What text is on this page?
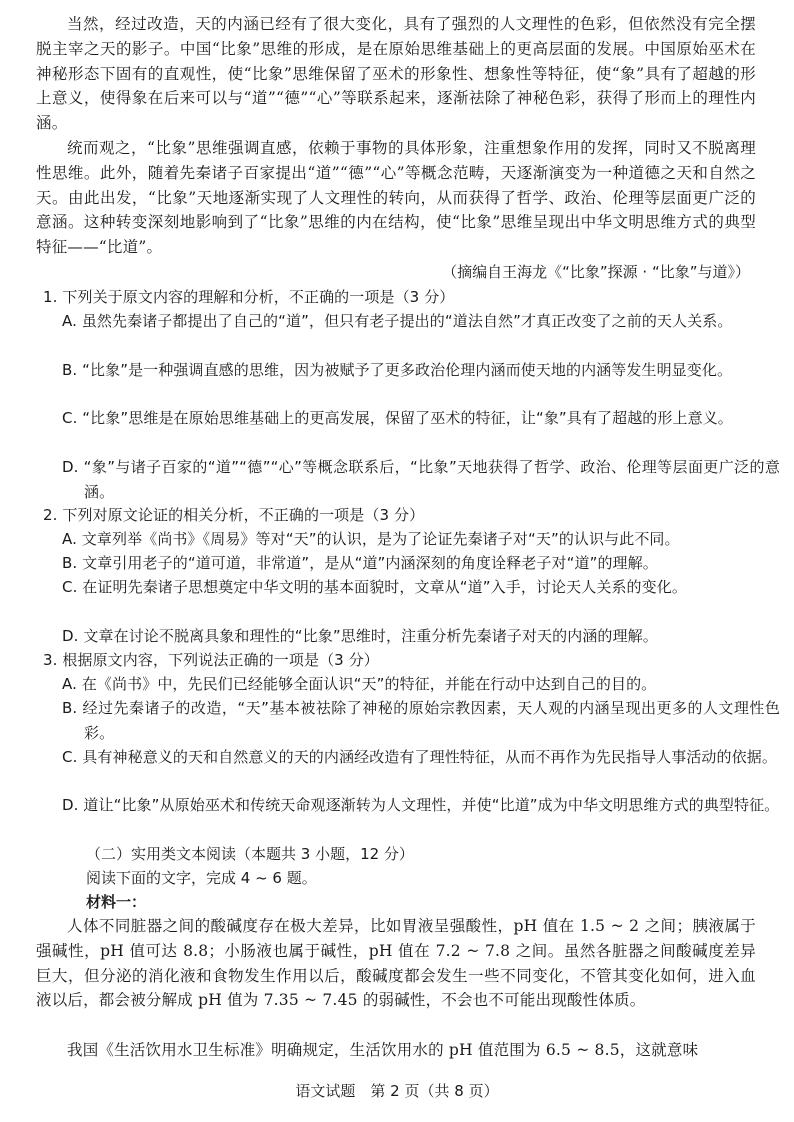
当然，经过改造，天的内涵已经有了很大变化，具有了强烈的人文理性的色彩，但依然没有完全摆脱主宰之天的影子。中国“比象”思维的形成，是在原始思维基础上的更高层面的发展。中国原始巫术在神秘形态下固有的直观性，使“比象”思维保留了巫术的形象性、想象性等特征，使“象”具有了超越的形上意义，使得象在后来可以与“道”“德”“心”等联系起来，逐渐祛除了神秘色彩，获得了形而上的理性内涵。

统而观之，“比象”思维强调直感，依赖于事物的具体形象，注重想象作用的发挥，同时又不脱离理性思维。此外，随着先秦诸子百家提出“道”“德”“心”等概念范畴，天逐渐演变为一种道德之天和自然之天。由此出发，“比象”天地逐渐实现了人文理性的转向，从而获得了哲学、政治、伦理等层面更广泛的意涵。这种转变深刻地影响到了“比象”思维的内在结构，使“比象”思维呈现出中华文明思维方式的典型特征——“比道”。

（摘编自王海龙《“比象”探源 · “比象”与道》）

1. 下列关于原文内容的理解和分析，不正确的一项是（3 分）

A. 虽然先秦诸子都提出了自己的“道”，但只有老子提出的“道法自然”才真正改变了之前的天人关系。

B. “比象”是一种强调直感的思维，因为被赋予了更多政治伦理内涵而使天地的内涵等发生明显变化。

C. “比象”思维是在原始思维基础上的更高发展，保留了巫术的特征，让“象”具有了超越的形上意义。

D. “象”与诸子百家的“道”“德”“心”等概念联系后，“比象”天地获得了哲学、政治、伦理等层面更广泛的意涵。

2. 下列对原文论证的相关分析，不正确的一项是（3 分）

A. 文章列举《尚书》《周易》等对“天”的认识，是为了论证先秦诸子对“天”的认识与此不同。

B. 文章引用老子的“道可道，非常道”，是从“道”内涵深刻的角度诠释老子对“道”的理解。

C. 在证明先秦诸子思想奠定中华文明的基本面貌时，文章从“道”入手，讨论天人关系的变化。

D. 文章在讨论不脱离具象和理性的“比象”思维时，注重分析先秦诸子对天的内涵的理解。

3. 根据原文内容，下列说法正确的一项是（3 分）

A. 在《尚书》中，先民们已经能够全面认识“天”的特征，并能在行动中达到自己的目的。

B. 经过先秦诸子的改造，“天”基本被祛除了神秘的原始宗教因素，天人观的内涵呈现出更多的人文理性色彩。

C. 具有神秘意义的天和自然意义的天的内涵经改造有了理性特征，从而不再作为先民指导人事活动的依据。

D. 道让“比象”从原始巫术和传统天命观逐渐转为人文理性，并使“比道”成为中华文明思维方式的典型特征。

（二）实用类文本阅读（本题共 3 小题，12 分）

阅读下面的文字，完成 4 ~ 6 题。

材料一：

人体不同脏器之间的酸碱度存在极大差异，比如胃液呈强酸性，pH 值在 1.5 ~ 2 之间；胰液属于强碱性，pH 值可达 8.8；小肠液也属于碱性，pH 值在 7.2 ~ 7.8 之间。虽然各脏器之间酸碱度差异巨大，但分泌的消化液和食物发生作用以后，酸碱度都会发生一些不同变化，不管其变化如何，进入血液以后，都会被分解成 pH 值为 7.35 ~ 7.45 的弱碱性，不会也不可能出现酸性体质。

我国《生活饮用水卫生标准》明确规定，生活饮用水的 pH 值范围为 6.5 ~ 8.5，这就意味

语文试题　第 2 页（共 8 页）
